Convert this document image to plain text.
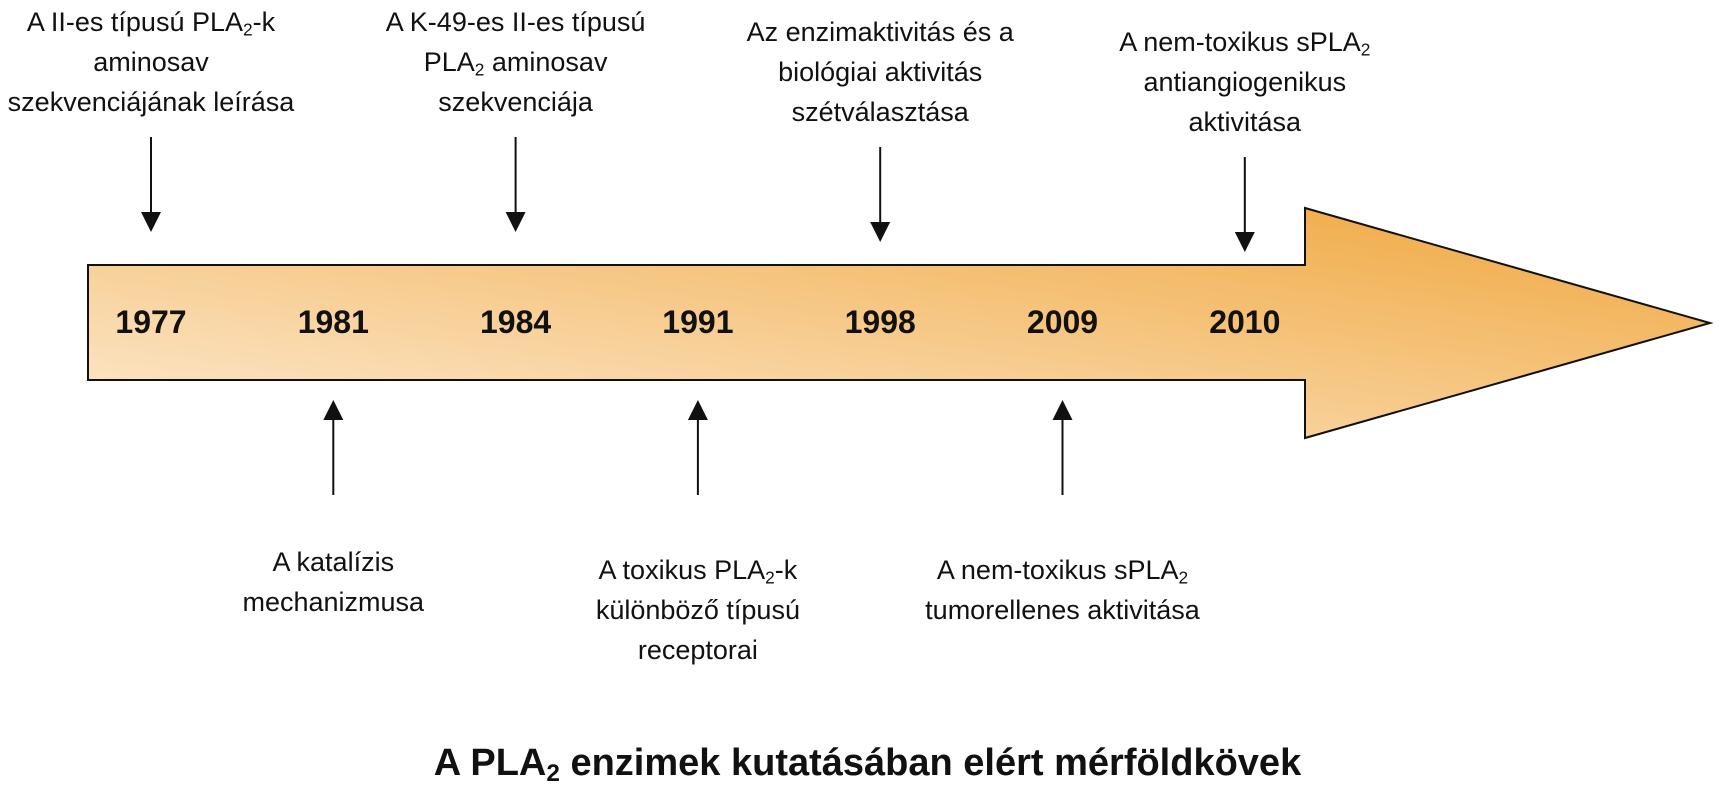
1977	1981	1984	1991	1998	2009	2010
A II-es típusú $PLA_2-k$
aminosav
szekvenciájának leírása
A K-49-es II-es típusú
$PLA_2$ aminosav
szekvenciája
Az enzimaktivitás és a
biológiai aktivitás
szétválasztása
A nem-toxikus sPLA$_2$
antiangiogenikus
aktivitása
A katalízis
mechanizmusa
A toxikus $PLA_2-k$
különböző típusú
receptorai
A nem-toxikus sPLA$_2$
tumorellenes aktivitása
A $PLA_2$ enzimek kutatásában elért mérföldkövek
